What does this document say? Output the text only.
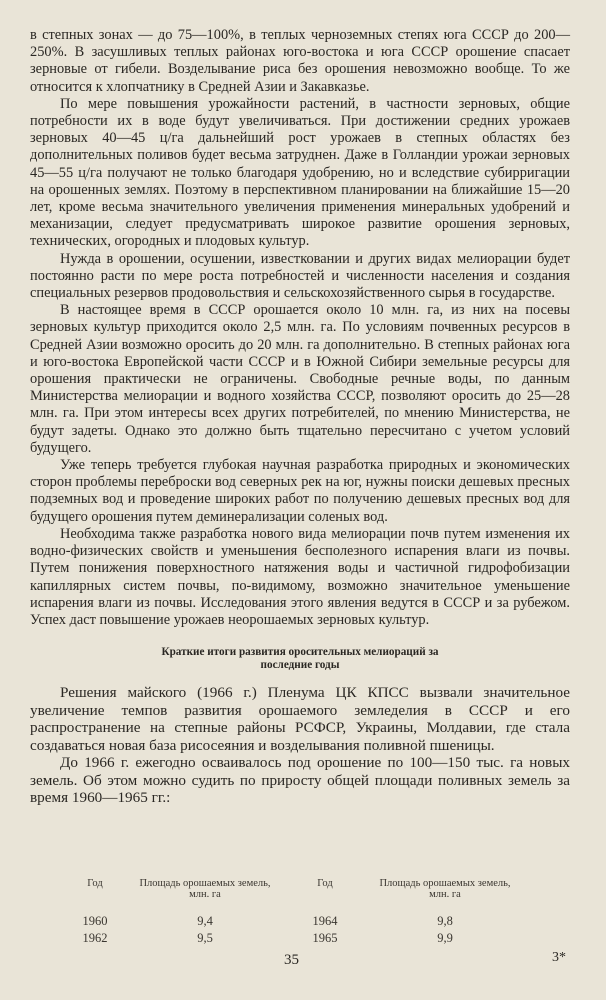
в степных зонах — до 75—100%, в теплых черноземных степях юга СССР до 200—250%. В засушливых теплых районах юго-востока и юга СССР орошение спасает зерновые от гибели. Возделывание риса без орошения невозможно вообще. То же относится к хлопчатнику в Средней Азии и Закавказье.

По мере повышения урожайности растений, в частности зерновых, общие потребности их в воде будут увеличиваться. При достижении средних урожаев зерновых 40—45 ц/га дальнейший рост урожаев в степных областях без дополнительных поливов будет весьма затруднен. Даже в Голландии урожаи зерновых 45—55 ц/га получают не только благодаря удобрению, но и вследствие субирригации на орошенных землях. Поэтому в перспективном планировании на ближайшие 15—20 лет, кроме весьма значительного увеличения применения минеральных удобрений и механизации, следует предусматривать широкое развитие орошения зерновых, технических, огородных и плодовых культур.

Нужда в орошении, осушении, известковании и других видах мелиорации будет постоянно расти по мере роста потребностей и численности населения и создания специальных резервов продовольствия и сельскохозяйственного сырья в государстве.

В настоящее время в СССР орошается около 10 млн. га, из них на посевы зерновых культур приходится около 2,5 млн. га. По условиям почвенных ресурсов в Средней Азии возможно оросить до 20 млн. га дополнительно. В степных районах юга и юго-востока Европейской части СССР и в Южной Сибири земельные ресурсы для орошения практически не ограничены. Свободные речные воды, по данным Министерства мелиорации и водного хозяйства СССР, позволяют оросить до 25—28 млн. га. При этом интересы всех других потребителей, по мнению Министерства, не будут задеты. Однако это должно быть тщательно пересчитано с учетом условий будущего.

Уже теперь требуется глубокая научная разработка природных и экономических сторон проблемы переброски вод северных рек на юг, нужны поиски дешевых пресных подземных вод и проведение широких работ по получению дешевых пресных вод для будущего орошения путем деминерализации соленых вод.

Необходима также разработка нового вида мелиорации почв путем изменения их водно-физических свойств и уменьшения бесполезного испарения влаги из почвы. Путем понижения поверхностного натяжения воды и частичной гидрофобизации капиллярных систем почвы, по-видимому, возможно значительное уменьшение испарения влаги из почвы. Исследования этого явления ведутся в СССР и за рубежом. Успех даст повышение урожаев неорошаемых зерновых культур.

Краткие итоги развития оросительных мелиораций за последние годы

Решения майского (1966 г.) Пленума ЦК КПСС вызвали значительное увеличение темпов развития орошаемого земледелия в СССР и его распространение на степные районы РСФСР, Украины, Молдавии, где стала создаваться новая база рисосеяния и возделывания поливной пшеницы.

До 1966 г. ежегодно осваивалось под орошение по 100—150 тыс. га новых земель. Об этом можно судить по приросту общей площади поливных земель за время 1960—1965 гг.:

Год	Площадь орошаемых земель, млн. га	Год	Площадь орошаемых земель, млн. га
1960	9,4	1964	9,8
1962	9,5	1965	9,9
35	3*
